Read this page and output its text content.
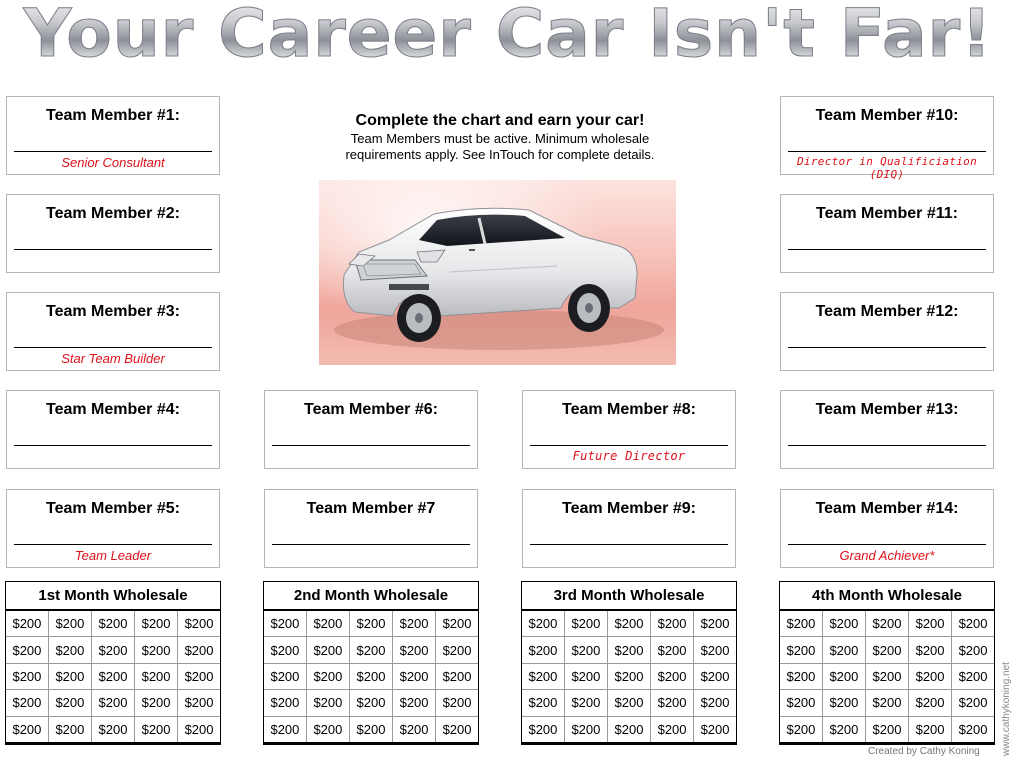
Your Career Car Isn't Far!
Team Member #1:
Senior Consultant
Team Member #2:
Team Member #3:
Star Team Builder
Team Member #4:
Team Member #5:
Team Leader
Team Member #6:
Team Member #7
Team Member #8:
Future Director
Team Member #9:
Team Member #10:
Director in Qualificiation (DIQ)
Team Member #11:
Team Member #12:
Team Member #13:
Team Member #14:
Grand Achiever*
Complete the chart and earn your car!
Team Members must be active. Minimum wholesale requirements apply. See InTouch for complete details.
1st Month Wholesale
$200	$200	$200	$200	$200
$200	$200	$200	$200	$200
$200	$200	$200	$200	$200
$200	$200	$200	$200	$200
$200	$200	$200	$200	$200
2nd Month Wholesale
$200	$200	$200	$200	$200
$200	$200	$200	$200	$200
$200	$200	$200	$200	$200
$200	$200	$200	$200	$200
$200	$200	$200	$200	$200
3rd Month Wholesale
$200	$200	$200	$200	$200
$200	$200	$200	$200	$200
$200	$200	$200	$200	$200
$200	$200	$200	$200	$200
$200	$200	$200	$200	$200
4th Month Wholesale
$200	$200	$200	$200	$200
$200	$200	$200	$200	$200
$200	$200	$200	$200	$200
$200	$200	$200	$200	$200
$200	$200	$200	$200	$200
Created by Cathy Koning www.cathykoning.net
